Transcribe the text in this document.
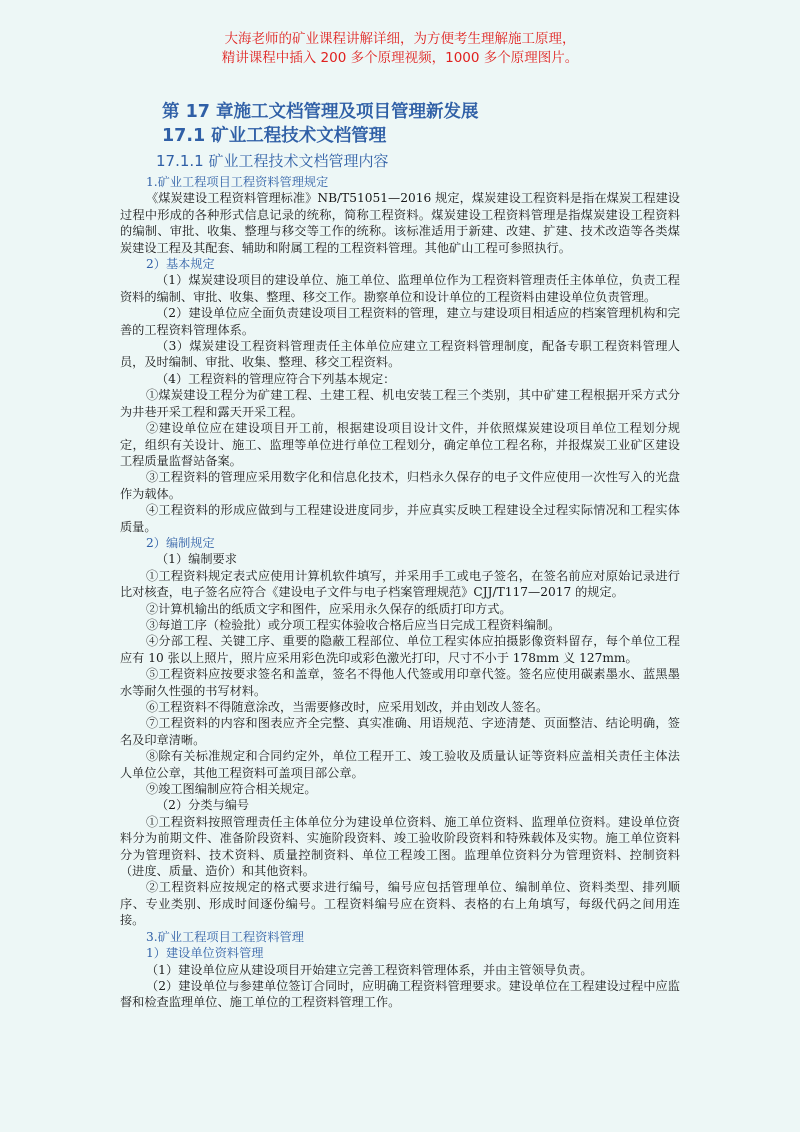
大海老师的矿业课程讲解详细，为方便考生理解施工原理，
精讲课程中插入 200 多个原理视频，1000 多个原理图片。
第 17 章施工文档管理及项目管理新发展
17.1 矿业工程技术文档管理
17.1.1 矿业工程技术文档管理内容

1.矿业工程项目工程资料管理规定

《煤炭建设工程资料管理标准》NB/T51051—2016 规定，煤炭建设工程资料是指在煤炭工程建设过程中形成的各种形式信息记录的统称，简称工程资料。煤炭建设工程资料管理是指煤炭建设工程资料的编制、审批、收集、整理与移交等工作的统称。该标准适用于新建、改建、扩建、技术改造等各类煤炭建设工程及其配套、辅助和附属工程的工程资料管理。其他矿山工程可参照执行。

2）基本规定

（1）煤炭建设项目的建设单位、施工单位、监理单位作为工程资料管理责任主体单位，负责工程资料的编制、审批、收集、整理、移交工作。勘察单位和设计单位的工程资料由建设单位负责管理。

（2）建设单位应全面负责建设项目工程资料的管理，建立与建设项目相适应的档案管理机构和完善的工程资料管理体系。

（3）煤炭建设工程资料管理责任主体单位应建立工程资料管理制度，配备专职工程资料管理人员，及时编制、审批、收集、整理、移交工程资料。

（4）工程资料的管理应符合下列基本规定：

①煤炭建设工程分为矿建工程、土建工程、机电安装工程三个类别，其中矿建工程根据开采方式分为井巷开采工程和露天开采工程。

②建设单位应在建设项目开工前，根据建设项目设计文件，并依照煤炭建设项目单位工程划分规定，组织有关设计、施工、监理等单位进行单位工程划分，确定单位工程名称，并报煤炭工业矿区建设工程质量监督站备案。

③工程资料的管理应采用数字化和信息化技术，归档永久保存的电子文件应使用一次性写入的光盘作为载体。

④工程资料的形成应做到与工程建设进度同步，并应真实反映工程建设全过程实际情况和工程实体质量。

2）编制规定

（1）编制要求

①工程资料规定表式应使用计算机软件填写，并采用手工或电子签名，在签名前应对原始记录进行比对核查，电子签名应符合《建设电子文件与电子档案管理规范》CJJ/T117—2017 的规定。

②计算机输出的纸质文字和图件，应采用永久保存的纸质打印方式。

③每道工序（检验批）或分项工程实体验收合格后应当日完成工程资料编制。

④分部工程、关键工序、重要的隐蔽工程部位、单位工程实体应拍摄影像资料留存，每个单位工程应有 10 张以上照片，照片应采用彩色洗印或彩色激光打印，尺寸不小于 178mm 义 127mm。

⑤工程资料应按要求签名和盖章，签名不得他人代签或用印章代签。签名应使用碳素墨水、蓝黑墨水等耐久性强的书写材料。

⑥工程资料不得随意涂改，当需要修改时，应采用划改，并由划改人签名。

⑦工程资料的内容和图表应齐全完整、真实准确、用语规范、字迹清楚、页面整洁、结论明确，签名及印章清晰。

⑧除有关标准规定和合同约定外，单位工程开工、竣工验收及质量认证等资料应盖相关责任主体法人单位公章，其他工程资料可盖项目部公章。

⑨竣工图编制应符合相关规定。

（2）分类与编号

①工程资料按照管理责任主体单位分为建设单位资料、施工单位资料、监理单位资料。建设单位资料分为前期文件、准备阶段资料、实施阶段资料、竣工验收阶段资料和特殊载体及实物。施工单位资料分为管理资料、技术资料、质量控制资料、单位工程竣工图。监理单位资料分为管理资料、控制资料（进度、质量、造价）和其他资料。

②工程资料应按规定的格式要求进行编号，编号应包括管理单位、编制单位、资料类型、排列顺序、专业类别、形成时间逐份编号。工程资料编号应在资料、表格的右上角填写，每级代码之间用连接。

3.矿业工程项目工程资料管理

1）建设单位资料管理

（1）建设单位应从建设项目开始建立完善工程资料管理体系，并由主管领导负责。

（2）建设单位与参建单位签订合同时，应明确工程资料管理要求。建设单位在工程建设过程中应监督和检查监理单位、施工单位的工程资料管理工作。
